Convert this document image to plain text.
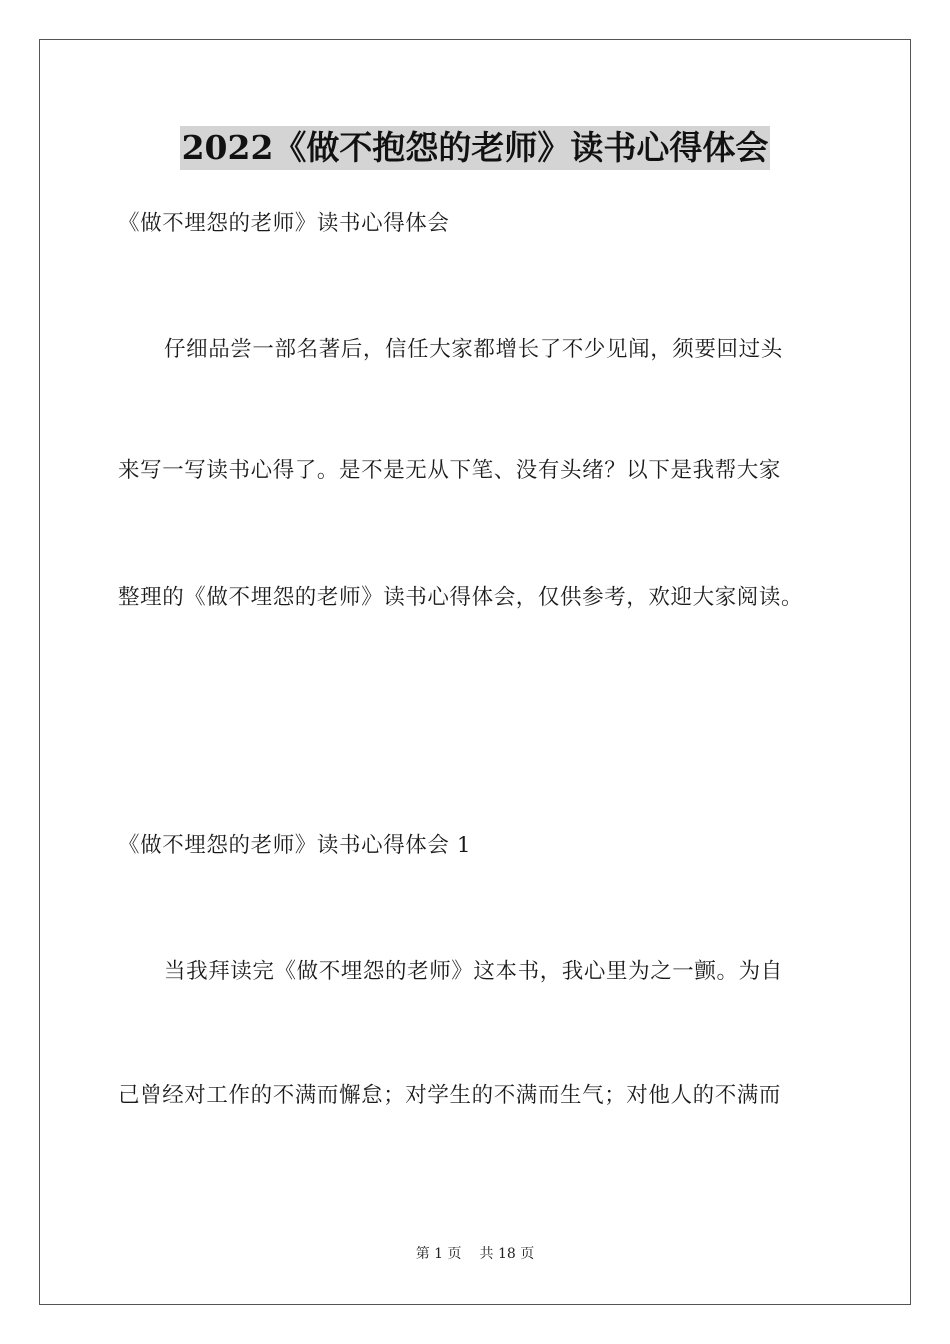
2022《做不抱怨的老师》读书心得体会
《做不埋怨的老师》读书心得体会
仔细品尝一部名著后，信任大家都增长了不少见闻，须要回过头
来写一写读书心得了。是不是无从下笔、没有头绪？以下是我帮大家
整理的《做不埋怨的老师》读书心得体会，仅供参考，欢迎大家阅读。
《做不埋怨的老师》读书心得体会 1
当我拜读完《做不埋怨的老师》这本书，我心里为之一颤。为自
己曾经对工作的不满而懈怠；对学生的不满而生气；对他人的不满而
第 1 页 共 18 页
